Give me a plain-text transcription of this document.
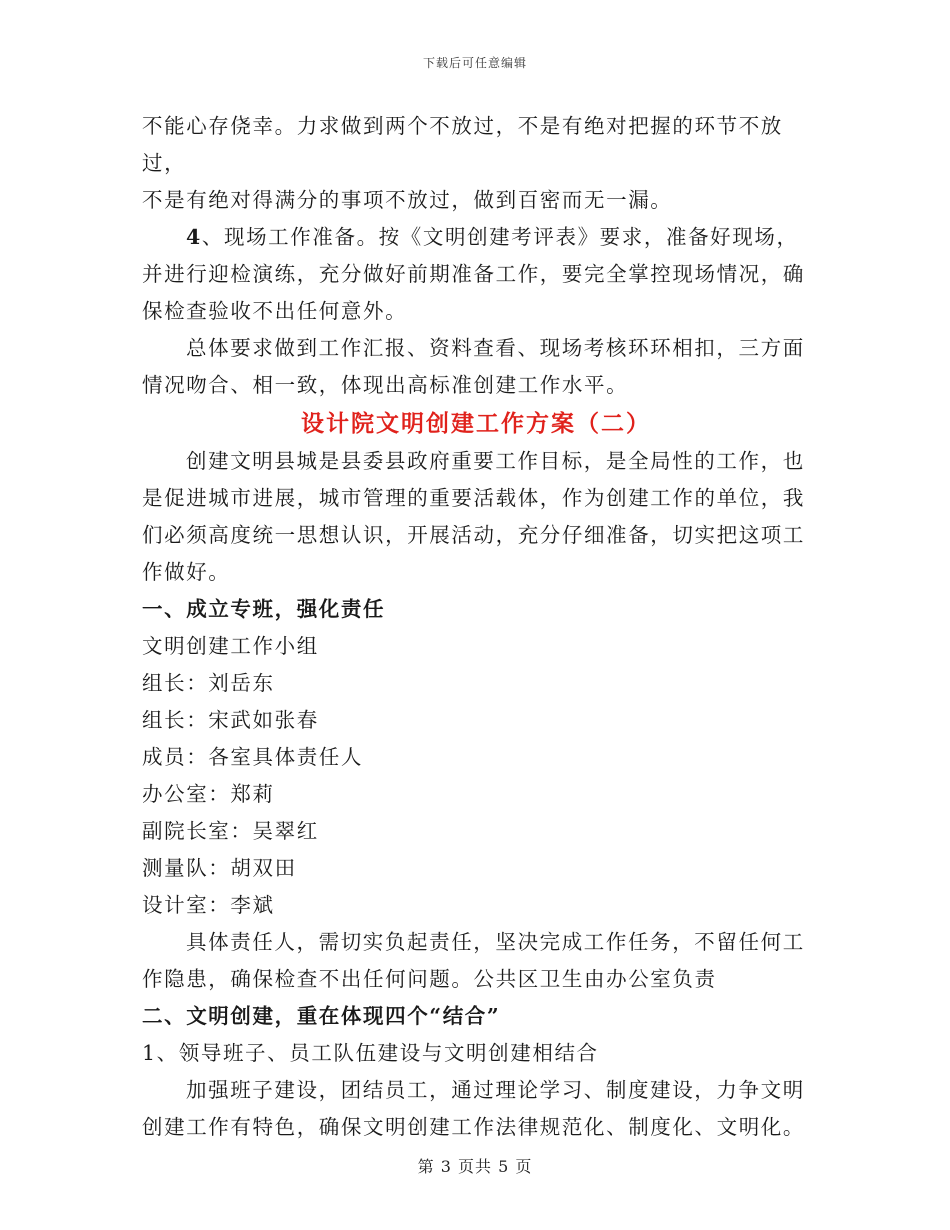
下载后可任意编辑

不能心存侥幸。力求做到两个不放过，不是有绝对把握的环节不放过，

不是有绝对得满分的事项不放过，做到百密而无一漏。

4、现场工作准备。按《文明创建考评表》要求，准备好现场，并进行迎检演练，充分做好前期准备工作，要完全掌控现场情况，确保检查验收不出任何意外。

总体要求做到工作汇报、资料查看、现场考核环环相扣，三方面情况吻合、相一致，体现出高标准创建工作水平。

设计院文明创建工作方案（二）

创建文明县城是县委县政府重要工作目标，是全局性的工作，也是促进城市进展，城市管理的重要活载体，作为创建工作的单位，我们必须高度统一思想认识，开展活动，充分仔细准备，切实把这项工作做好。

一、成立专班，强化责任

文明创建工作小组

组长：刘岳东

组长：宋武如张春

成员：各室具体责任人

办公室：郑莉

副院长室：吴翠红

测量队：胡双田

设计室：李斌

具体责任人，需切实负起责任，坚决完成工作任务，不留任何工作隐患，确保检查不出任何问题。公共区卫生由办公室负责

二、文明创建，重在体现四个“结合”

1、领导班子、员工队伍建设与文明创建相结合

加强班子建设，团结员工，通过理论学习、制度建设，力争文明创建工作有特色，确保文明创建工作法律规范化、制度化、文明化。

第 3 页共 5 页
